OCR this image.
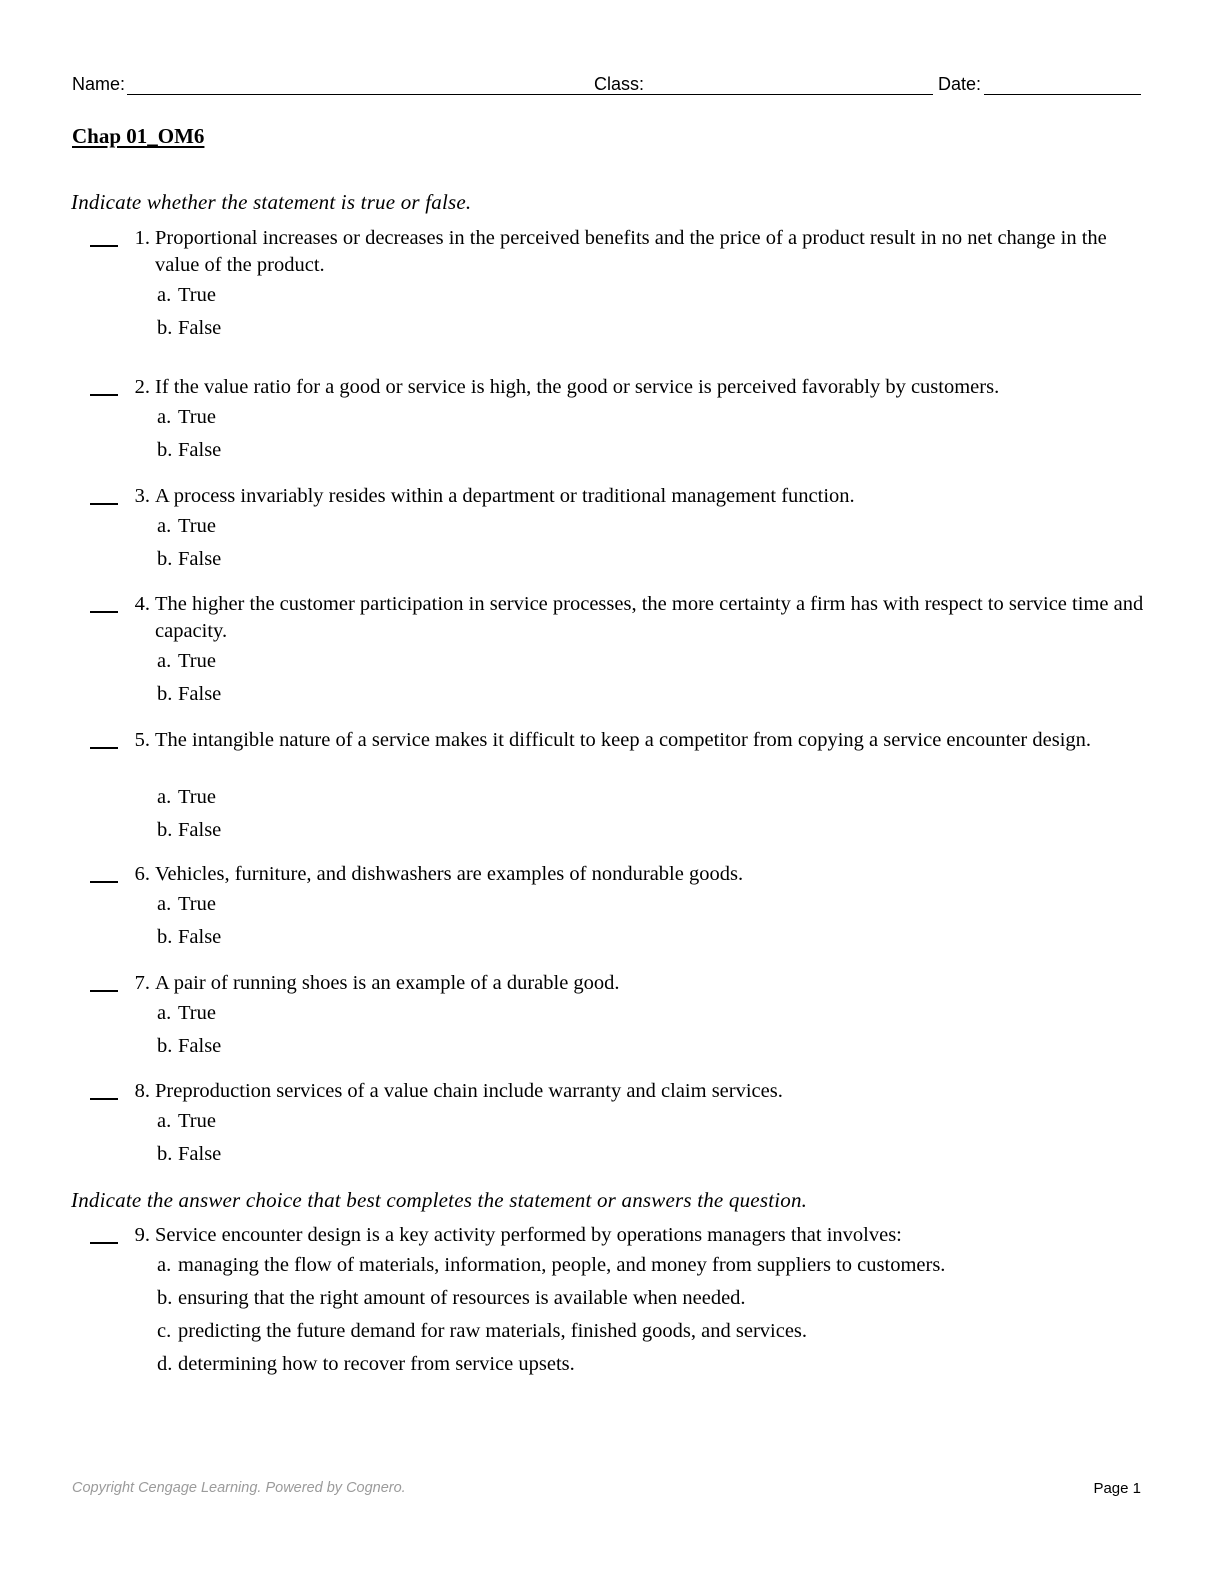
Name:	Class:	Date:
Chap 01_OM6
Indicate whether the statement is true or false.
1. Proportional increases or decreases in the perceived benefits and the price of a product result in no net change in the value of the product.
a. True
b. False
2. If the value ratio for a good or service is high, the good or service is perceived favorably by customers.
a. True
b. False
3. A process invariably resides within a department or traditional management function.
a. True
b. False
4. The higher the customer participation in service processes, the more certainty a firm has with respect to service time and capacity.
a. True
b. False
5. The intangible nature of a service makes it difficult to keep a competitor from copying a service encounter design.
a. True
b. False
6. Vehicles, furniture, and dishwashers are examples of nondurable goods.
a. True
b. False
7. A pair of running shoes is an example of a durable good.
a. True
b. False
8. Preproduction services of a value chain include warranty and claim services.
a. True
b. False
Indicate the answer choice that best completes the statement or answers the question.
9. Service encounter design is a key activity performed by operations managers that involves:
a. managing the flow of materials, information, people, and money from suppliers to customers.
b. ensuring that the right amount of resources is available when needed.
c. predicting the future demand for raw materials, finished goods, and services.
d. determining how to recover from service upsets.
Copyright Cengage Learning. Powered by Cognero.	Page 1
